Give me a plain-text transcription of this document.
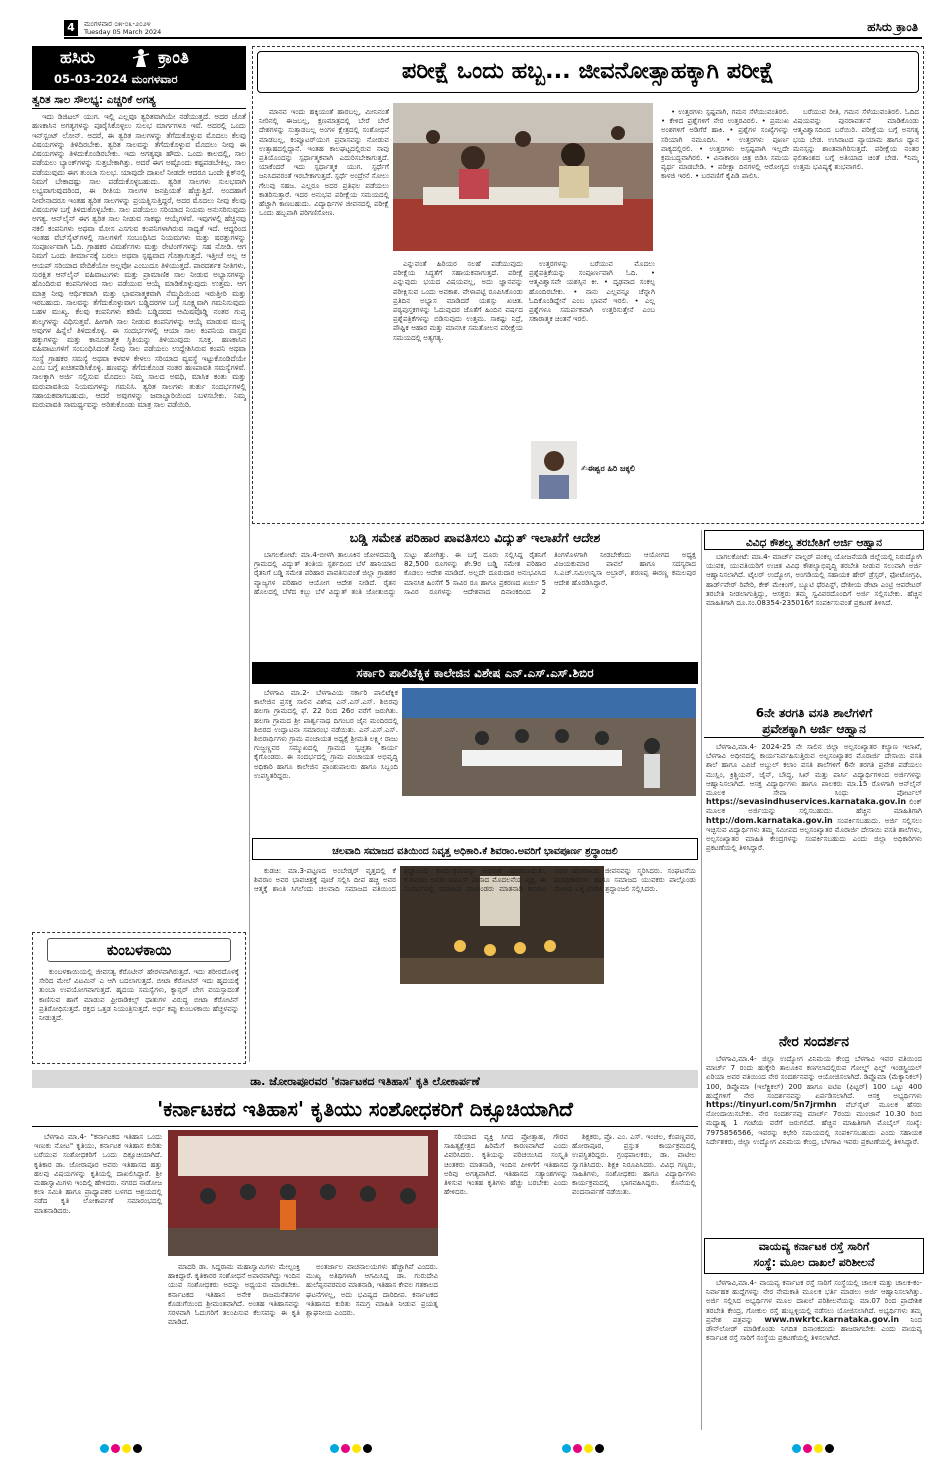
4	ಮಂಗಳವಾರ ೦೫-೦೩-೨೦೨೪
Tuesday 05 March 2024	ಹಸಿರು ಕ್ರಾಂತಿ
ಹಸಿರು	ಕ್ರಾಂತಿ
05-03-2024 ಮಂಗಳವಾರ
ತ್ವರಿತ ಸಾಲ ಸೌಲಭ್ಯ: ಎಚ್ಚರಿಕೆ ಅಗತ್ಯ

ಇದು ಡಿಜಿಟಲ್ ಯುಗ. ಇಲ್ಲಿ ಎಲ್ಲವೂ ತ್ವರಿತವಾಗಿಯೇ ನಡೆಯುತ್ತದೆ. ಅದರ ಜೊತೆ ಹಣಕಾಸಿನ ಅಗತ್ಯಗಳನ್ನು ಪೂರೈಸಿಕೊಳ್ಳಲು ಸುಲಭ ಮಾರ್ಗಗಳೂ ಇವೆ. ಅದರಲ್ಲಿ ಒಂದು ಇನ್‌ಸ್ಟಂಟ್ ಲೋನ್. ಅದರೆ, ಈ ತ್ವರಿತ ಸಾಲಗಳನ್ನು ತೆಗೆದುಕೊಳ್ಳುವ ಮೊದಲು ಕೆಲವು ವಿಷಯಗಳನ್ನು ತಿಳಿದಿರಬೇಕು. ತ್ವರಿತ ಸಾಲವನ್ನು ತೆಗೆದುಕೊಳ್ಳುವ ಮೊದಲು ನೀವು ಈ ವಿಷಯಗಳನ್ನು ತಿಳಿದುಕೊಂಡಿರಬೇಕು. ಇದು ಅಗತ್ಯವೂ ಹೌದು. ಒಂದು ಕಾಲದಲ್ಲಿ, ಸಾಲ ಪಡೆಯಲು ಬ್ಯಾಂಕ್‌ಗಳನ್ನು ಸುತ್ತಬೇಕಾಗಿತ್ತು. ಅದರೆ ಈಗ ಅಷ್ಟೊಂದು ಕಷ್ಟಪಡಬೇಕಿಲ್ಲ. ಸಾಲ ಪಡೆಯುವುದು ಈಗ ತುಂಬಾ ಸುಲಭ. ಯಾವುದೇ ದಾಖಲೆ ನೀಡದೇ ಆದರೂ ಒಂದೇ ಕ್ಲಿಕ್‌ನಲ್ಲಿ ನಿಮಗೆ ಬೇಕಾದಷ್ಟು ಸಾಲ ಪಡೆದುಕೊಳ್ಳಬಹುದು. ತ್ವರಿತ ಸಾಲಗಳು ಸುಲಭವಾಗಿ ಲಭ್ಯವಾಗುವುದರಿಂದ, ಈ ರೀತಿಯ ಸಾಲಗಳ ಜನಪ್ರಿಯತೆ ಹೆಚ್ಚುತ್ತಿದೆ. ಅಂದಹಾಗೆ ನೀವೇನಾದರೂ ಇಂತಹ ತ್ವರಿತ ಸಾಲಗಳನ್ನು ಪ್ರಯತ್ನಿಸುತ್ತಿದ್ದರೆ, ಅದರ ಮೊದಲು ನೀವು ಕೆಲವು ವಿಷಯಗಳ ಬಗ್ಗೆ ತಿಳಿದುಕೊಳ್ಳಬೇಕು. ಸಾಲ ಪಡೆಯಲು ಸರಿಯಾದ ನಿಯಮ ಅನುಸರಿಸುವುದು ಅಗತ್ಯ. ಆನ್‌ಲೈನ್ ಈಗ ತ್ವರಿತ ಸಾಲ ನೀಡುವ ಸಾಕಷ್ಟು ಆಯ್ಕೆಗಳಿವೆ. ಇವುಗಳಲ್ಲಿ ಹೆಚ್ಚಿನವು ನಕಲಿ ಕಂಪನಿಗಳು ಅಥವಾ ಮೋಸ ಎಸಗುವ ಕಂಪನಿಗಳಾಗಿರುವ ಸಾಧ್ಯತೆ ಇದೆ. ಆದ್ದರಿಂದ ಇಂತಹ ವೆಬ್‌ಸೈಟ್‌ಗಳಲ್ಲಿ ಸಾಲಗಳಿಗೆ ಸಂಬಂಧಿಸಿದ ನಿಯಮಗಳು ಮತ್ತು ಷರತ್ತುಗಳನ್ನು ಸಂಪೂರ್ಣವಾಗಿ ಓದಿ. ಗ್ರಾಹಕರ ವಿಮರ್ಶೆಗಳು ಮತ್ತು ರೇಟಿಂಗ್‌ಗಳನ್ನು ಸಹ ನೋಡಿ. ಆಗ ನಿಮಗೆ ಒಂದು ತೀರ್ಮಾನಕ್ಕೆ ಬರಲು ಅಥವಾ ಸ್ಪಷ್ಟವಾದ ಗೊತ್ತಾಗುತ್ತದೆ. ಇತ್ತೀಚೆ ಅಲ್ಲ ಆ ಆಯಪ್ ಸರಿಯಾದ ವೇದಿಕೆಯೋ ಅಲ್ಲವೋ ಎಂಬುದೂ ತಿಳಿಯುತ್ತದೆ. ಪಾರದರ್ಶಕ ನೀತಿಗಳು, ಸುರಕ್ಷಿತ ಆನ್‌ಲೈನ್ ವಹಿವಾಟುಗಳು ಮತ್ತು ಪ್ರಾಮಾಣಿಕ ಸಾಲ ನೀಡುವ ಅಭ್ಯಾಸಗಳನ್ನು ಹೊಂದಿರುವ ಕಂಪನಿಗಳಿಂದ ಸಾಲ ಪಡೆಯುವ ಆಯ್ಕೆ ಮಾಡಿಕೊಳ್ಳುವುದು ಉತ್ತಮ. ಆಗ ಮಾತ್ರ ನೀವು ಆರ್ಥಿಕವಾಗಿ ಮತ್ತು ಭಾವನಾತ್ಮಕವಾಗಿ ನೆಮ್ಮದಿಯಿಂದ ಇರುತ್ತೀರಿ ಮತ್ತು ಇರಬಹುದು. ಸಾಲವನ್ನು ತೆಗೆದುಕೊಳ್ಳುವಾಗ ಬಡ್ಡಿದರಗಳ ಬಗ್ಗೆ ಸೂಕ್ಷ್ಮವಾಗಿ ಗಮನಿಸುವುದು ಬಹಳ ಮುಖ್ಯ. ಕೆಲವು ಕಂಪನಿಗಳು ಕಡಿಮೆ ಬಡ್ಡಿದರದ ಆಮಿಷವೊಡ್ಡಿ ನಂತರ ಗುಪ್ತ ಶುಲ್ಕಗಳನ್ನು ವಿಧಿಸುತ್ತವೆ. ಹೀಗಾಗಿ ಸಾಲ ನೀಡುವ ಕಂಪನಿಗಳನ್ನು ಆಯ್ಕೆ ಮಾಡುವ ಮುನ್ನ ಅವುಗಳ ಹಿನ್ನೆಲೆ ತಿಳಿದುಕೊಳ್ಳಿ. ಈ ಸಂದರ್ಭಗಳಲ್ಲಿ ಆಯಾ ಸಾಲ ಕಂಪನಿಯ ವಾಸ್ತವ ಹಕ್ಕುಗಳನ್ನು ಮತ್ತು ಕಾನೂನಾತ್ಮಕ ಸ್ಥಿತಿಯನ್ನು ತಿಳಿಯುವುದು ಸೂಕ್ತ. ಹಣಕಾಸಿನ ವಹಿವಾಟುಗಳಿಗೆ ಸಂಬಂಧಿಸಿದಂತೆ ನೀವು ಸಾಲ ಪಡೆಯಲು ಉದ್ದೇಶಿಸಿರುವ ಕಂಪನಿ ಅಥವಾ ಸಂಸ್ಥೆ ಗ್ರಾಹಕರ ಸಮಸ್ಯೆ ಅಥವಾ ಕಳವಳ ಕೇಳಲು ಸರಿಯಾದ ವ್ಯವಸ್ಥೆ ಇಟ್ಟುಕೊಂಡಿದೆಯೇ ಎಂಬ ಬಗ್ಗೆ ಖಚಿತಪಡಿಸಿಕೊಳ್ಳಿ. ಹಣವನ್ನು ತೆಗೆದುಕೊಂಡ ನಂತರ ಹಣಪಾವತಿ ಸಮಸ್ಯೆಗಳಿವೆ. ಸಾಲಕ್ಕಾಗಿ ಅರ್ಜಿ ಸಲ್ಲಿಸುವ ಮೊದಲು ನಿಮ್ಮ ಸಾಲದ ಅವಧಿ, ಮಾಸಿಕ ಕಂತು ಮತ್ತು ಮರುಪಾವತಿಯ ನಿಯಮಗಳನ್ನು ಗಮನಿಸಿ. ತ್ವರಿತ ಸಾಲಗಳು ತುರ್ತು ಸಂದರ್ಭಗಳಲ್ಲಿ ಸಹಾಯಕವಾಗಬಹುದು, ಆದರೆ ಅವುಗಳನ್ನು ಜವಾಬ್ದಾರಿಯಿಂದ ಬಳಸಬೇಕು. ನಿಮ್ಮ ಮರುಪಾವತಿ ಸಾಮರ್ಥ್ಯವನ್ನು ಅರಿತುಕೊಂಡು ಮಾತ್ರ ಸಾಲ ಪಡೆಯಿರಿ.

ಕುಂಬಳಕಾಯಿ

ಕುಂಬಳಕಾಯಿಯಲ್ಲಿ ಜೀವಸತ್ವ ಕೆರೊಟೀನ್ ಹೇರಳವಾಗಿರುತ್ತದೆ. ಇದು ಶರೀರದೊಳಕ್ಕೆ ಸೇರಿದ ಮೇಲೆ ವಿಟಮಿನ್ ಎ ಆಗಿ ಬದಲಾಗುತ್ತದೆ. ಬೀಟಾ ಕೆರೋಟಿನ್ ಇದು ಹೃದಯಕ್ಕೆ ತುಂಬಾ ಉಪಯೋಗವಾಗುತ್ತದೆ. ಹೃದಯ ಸಮಸ್ಯೆಗಳು, ಕ್ಯಾನ್ಸರ್ ಬೇಗ ವಯಸ್ಸಾದಂತೆ ಕಾಣಿಸುವ ಹಾಗೆ ಮಾಡುವ ಫ್ರೀರಾಡಿಕಲ್ಸ್ ಧಾತುಗಳ ವಿರುದ್ಧ ಬೀಟಾ ಕೆರೋಟಿನ್ ಪ್ರತಿರೋಧಿಸುತ್ತದೆ. ರಕ್ತದ ಒತ್ತಡ ನಿಯಂತ್ರಿಸುತ್ತದೆ. ಅರ್ಧ ಕಪ್ಪು ಕುಂಬಳಕಾಯಿ ಹೆಚ್ಚಳವನ್ನು ನೀಡುತ್ತದೆ.

ಪರೀಕ್ಷೆ ಒಂದು ಹಬ್ಬ... ಜೀವನೋತ್ಸಾಹಕ್ಕಾಗಿ ಪರೀಕ್ಷೆ

ಮಾನವ ಇಂದು ಹಕ್ಕಿಯಂತೆ ಹಾರಬಲ್ಲ, ಮೀನಿನಂತೆ ನೀರಿನಲ್ಲಿ ಈಜಬಲ್ಲ, ಕ್ಷಣಮಾತ್ರದಲ್ಲಿ ಬೇರೆ ಬೇರೆ ದೇಶಗಳನ್ನು ಸುತ್ತಾಡಬಲ್ಲ ಅಂಗಳ ಕ್ಷೇತ್ರದಲ್ಲಿ ಸಂಶೋಧನೆ ಮಾಡಬಲ್ಲ, ಕಂಪ್ಯೂಟರ್‌ಯುಗ ಪ್ರವಾಸವನ್ನು ನೋಡುವ ಉತ್ಸಾಹದಲ್ಲಿದ್ದಾನೆ. ಇಂತಹ ಕಾಲಘಟ್ಟದಲ್ಲಿರುವ ನಾವು ಪ್ರತಿಯೊಂದನ್ನು ಸ್ಪರ್ಧಾತ್ಮಕವಾಗಿ ಎದುರಿಸಬೇಕಾಗುತ್ತದೆ. ಯಾಕೆಂದರೆ ಇದು ಸ್ಪರ್ಧಾತ್ಮಕ ಯುಗ. ಸ್ಪರ್ಧೆಗೆ ಜನಿಸಿದವರಂತೆ ಇರಬೇಕಾಗುತ್ತದೆ. ಸ್ಪರ್ಧೆ ಅಂದ್ರೇನೆ ಸೋಲು ಗೆಲುವು ಸಹಜ. ಎಲ್ಲರೂ ಅದರ ಪ್ರತಿಫಲ ಪಡೆಯಲು ಕಾತರಿಸುತ್ತಾರೆ. ಇದರ ಅನುಭವ ಪರೀಕ್ಷೆಯ ಸಮಯದಲ್ಲಿ ಹೆಚ್ಚಾಗಿ ಕಾಣಬಹುದು. ವಿದ್ಯಾರ್ಥಿಗಳ ಜೀವನದಲ್ಲಿ ಪರೀಕ್ಷೆ ಒಂದು ಹಬ್ಬವಾಗಿ ಪರಿಗಣಿಸೋಣ.

ಎನ್ನುವಂತೆ ಹಿರಿಯರ ಸಲಹೆ ಪಡೆಯುವುದು ಪರೀಕ್ಷೆಯ ಸಿದ್ಧತೆಗೆ ಸಹಾಯಕವಾಗುತ್ತದೆ. ಪರೀಕ್ಷೆ ಎನ್ನುವುದು ಭಯದ ವಿಷಯವಲ್ಲ, ಅದು ಜ್ಞಾನವನ್ನು ಪರೀಕ್ಷಿಸುವ ಒಂದು ಅವಕಾಶ. ವೇಳಾಪಟ್ಟಿ ರೂಪಿಸಿಕೊಂಡು ಪ್ರತಿದಿನ ಅಭ್ಯಾಸ ಮಾಡಿದರೆ ಯಶಸ್ಸು ಖಚಿತ. ಪಠ್ಯಪುಸ್ತಕಗಳನ್ನು ಓದುವುದರ ಜೊತೆಗೆ ಹಿಂದಿನ ವರ್ಷದ ಪ್ರಶ್ನೆಪತ್ರಿಕೆಗಳನ್ನು ಬಿಡಿಸುವುದು ಉತ್ತಮ. ಸಾಕಷ್ಟು ನಿದ್ರೆ, ಪೌಷ್ಟಿಕ ಆಹಾರ ಮತ್ತು ಮಾನಸಿಕ ಸಮತೋಲನ ಪರೀಕ್ಷೆಯ ಸಮಯದಲ್ಲಿ ಅತ್ಯಗತ್ಯ.

ಉತ್ತರಗಳನ್ನು ಬರೆಯುವ ಮೊದಲು ಪ್ರಶ್ನೆಪತ್ರಿಕೆಯನ್ನು ಸಂಪೂರ್ಣವಾಗಿ ಓದಿ. • ಆತ್ಮವಿಶ್ವಾಸವೇ ಯಶಸ್ಸಿನ ಕೀ. • ದೃಢವಾದ ಸಂಕಲ್ಪ ಹೊಂದಿರಬೇಕು. • ನಾನು ಎಲ್ಲವನ್ನೂ ಚೆನ್ನಾಗಿ ಓದಿಕೊಂಡಿದ್ದೇನೆ ಎಂಬ ಭಾವನೆ ಇರಲಿ. • ಎಲ್ಲ ಪ್ರಶ್ನೆಗಳೂ ಸಮರ್ಪಕವಾಗಿ ಉತ್ತರಿಸುತ್ತೇನೆ ಎಂಬ ಸಕಾರಾತ್ಮಕ ಚಿಂತನೆ ಇರಲಿ.

✍ಈಶ್ವರ ಹಿರಿ ಜಕ್ಕಲಿ

• ಉತ್ತರಗಳು ಸ್ಪಷ್ಟವಾಗಿ, ಗಮನ ಸೆಳೆಯುವಂತಿರಲಿ. • ಕೇಳಿದ ಪ್ರಶ್ನೆಗಳಿಗೆ ನೇರ ಉತ್ತರವಿರಲಿ. • ಪ್ರಮುಖ ಅಂಶಗಳಿಗೆ ಅಡಿಗೆರೆ ಹಾಕಿ. • ಪ್ರಶ್ನೆಗಳ ಸಂಖ್ಯೆಗಳನ್ನು ಸರಿಯಾಗಿ ನಮೂದಿಸಿ. • ಉತ್ತರಗಳು ಪೂರ್ಣ ವಾಕ್ಯದಲ್ಲಿರಲಿ. • ಉತ್ತರಗಳು ಅಸ್ಪಷ್ಟವಾಗಿ ಇಲ್ಲದೇ ಕ್ರಮಬದ್ಧವಾಗಿರಲಿ. • ವಿನಾಕಾರಣ ಚಿತ್ರ ಬಿಡಿಸಿ ಸಮಯ ವ್ಯರ್ಥ ಮಾಡಬೇಡಿ. • ಪರೀಕ್ಷಾ ದಿನಗಳಲ್ಲಿ ಆರೋಗ್ಯದ ಕಾಳಜಿ ಇರಲಿ. • ಬರವಣಿಗೆ ಕೈಪಿಡಿ ಪಾಲಿಸಿ.

ಬರೆಯುವ ರೀತಿ, ಗಮನ ಸೆಳೆಯುವಂತಿರಲಿ. ಓದಿದ ವಿಷಯವನ್ನು ಪುನರಾವರ್ತನೆ ಮಾಡಿಕೊಂಡು ಆತ್ಮವಿಶ್ವಾಸದಿಂದ ಬರೆಯಿರಿ. ಪರೀಕ್ಷೆಯ ಬಗ್ಗೆ ಅನಗತ್ಯ ಭಯ ಬೇಡ. ಉಸಿರಾಟದ ವ್ಯಾಯಾಮ ಹಾಗೂ ಧ್ಯಾನ ಮನಸ್ಸನ್ನು ಶಾಂತವಾಗಿರಿಸುತ್ತದೆ. ಪರೀಕ್ಷೆಯ ನಂತರ ಫಲಿತಾಂಶದ ಬಗ್ಗೆ ಅತಿಯಾದ ಚಿಂತೆ ಬೇಡ. *ನಿಮ್ಮ ಉತ್ತಮ ಭವಿಷ್ಯಕ್ಕೆ ಶುಭವಾಗಲಿ.

ಬಡ್ಡಿ ಸಮೇತ ಪರಿಹಾರ ಪಾವತಿಸಲು ವಿದ್ಯುತ್ ಇಲಾಖೆಗೆ ಆದೇಶ

ಬಾಗಲಕೋಟೆ: ಮಾ.4-ಬೀಳಗಿ ತಾಲೂಕಿನ ಜೋಳದಮಡ್ಡಿ ಗ್ರಾಮದಲ್ಲಿ ವಿದ್ಯುತ್ ತಂತಿಯ ಸ್ಪರ್ಶದಿಂದ ಬೆಳೆ ಹಾನಿಯಾದ ರೈತನಿಗೆ ಬಡ್ಡಿ ಸಮೇತ ಪರಿಹಾರ ಪಾವತಿಸುವಂತೆ ಜಿಲ್ಲಾ ಗ್ರಾಹಕರ ವ್ಯಾಜ್ಯಗಳ ಪರಿಹಾರ ಆಯೋಗ ಆದೇಶ ನೀಡಿದೆ. ರೈತನ ಹೊಲದಲ್ಲಿ ಬೆಳೆದ ಕಬ್ಬು ಬೆಳೆ ವಿದ್ಯುತ್ ತಂತಿ ಜೋತುಬಿದ್ದು ಸುಟ್ಟು ಹೋಗಿತ್ತು. ಈ ಬಗ್ಗೆ ದೂರು ಸಲ್ಲಿಸಿದ್ದ ರೈತನಿಗೆ 82,500 ರೂಗಳನ್ನು ಶೇ.9ರ ಬಡ್ಡಿ ಸಮೇತ ಪರಿಹಾರ ಕೊಡಲು ಆದೇಶ ಮಾಡಿದೆ. ಅಲ್ಲದೇ ದೂರುದಾರ ಅನುಭವಿಸಿದ ಮಾನಸಿಕ ಹಿಂಸೆಗೆ 5 ಸಾವಿರ ರೂ ಹಾಗೂ ಪ್ರಕರಣದ ಖರ್ಚು 5 ಸಾವಿರ ರೂಗಳನ್ನು ಆದೇಶವಾದ ದಿನಾಂಕದಿಂದ 2 ತಿಂಗಳೊಳಗಾಗಿ ನೀಡಬೇಕೆಂದು ಆಯೋಗದ ಅಧ್ಯಕ್ಷ ವಿಜಯಕುಮಾರ ಪಾವಲೆ ಹಾಗೂ ಸದಸ್ಯರಾದ ಸಿ.ಎಚ್.ಸಮಿಉನ್ನಿಸಾ ಅಬ್ರಾರ್, ಶರಣಪ್ಪ ಈರಣ್ಣ ಕಮಲಪುರ ಆದೇಶ ಹೊರಡಿಸಿದ್ದಾರೆ.

ಸರ್ಕಾರಿ ಪಾಲಿಟೆಕ್ನಿಕ ಕಾಲೇಜಿನ ವಿಶೇಷ ಎನ್.ಎಸ್.ಎಸ್.ಶಿಬಿರ

ಬೆಳಗಾವಿ ಮಾ.2- ಬೆಳಗಾವಿಯ ಸರ್ಕಾರಿ ಪಾಲಿಟೆಕ್ನಿಕ ಕಾಲೇಜಿನ ಪ್ರಸಕ್ತ ಸಾಲಿನ ವಿಶೇಷ ಎನ್.ಎಸ್.ಎಸ್. ಶಿಬಿರವು ಹಲಗಾ ಗ್ರಾಮದಲ್ಲಿ ಫೆ. 22 ರಿಂದ 26ರ ವರೆಗೆ ಜರುಗಿತು. ಹಲಗಾ ಗ್ರಾಮದ ಶ್ರೀ ಪಾರ್ಶ್ವನಾಥ ದಿಗಂಬರ ಜೈನ ಮಂದಿರದಲ್ಲಿ ಶಿಬಿರದ ಉದ್ಘಾಟನಾ ಸಮಾರಂಭ ನಡೆಯಿತು. ಎನ್.ಎಸ್.ಎಸ್. ಶಿಬಿರಾರ್ಥಿಗಳು ಗ್ರಾಮ ಪಂಚಾಯತ ಅಧ್ಯಕ್ಷೆ ಶ್ರೀಮತಿ ಲಕ್ಷ್ಮೀ ರಾಜು ಗುಜ್ಜಣ್ಣವರ ಸಮ್ಮುಖದಲ್ಲಿ ಗ್ರಾಮದ ಸ್ವಚ್ಛತಾ ಕಾರ್ಯ ಕೈಗೊಂಡರು. ಈ ಸಂದರ್ಭದಲ್ಲಿ ಗ್ರಾಮ ಪಂಚಾಯತ ಅಭಿವೃದ್ಧಿ ಅಧಿಕಾರಿ ಹಾಗೂ ಕಾಲೇಜಿನ ಪ್ರಾಂಶುಪಾಲರು ಹಾಗೂ ಸಿಬ್ಬಂದಿ ಉಪಸ್ಥಿತರಿದ್ದರು.

ಚಲವಾದಿ ಸಮಾಜದ ವತಿಯಿಂದ ನಿವೃತ್ತ ಅಧಿಕಾರಿ.ಕೆ ಶಿವರಾಂ.ಅವರಿಗೆ ಭಾವಪೂರ್ಣ ಶ್ರದ್ಧಾಂಜಲಿ

ಕುಡಚಿ: ಮಾ.3-ಪಟ್ಟಣದ ಅಂಬೇಡ್ಕರ್ ವೃತ್ತದಲ್ಲಿ ಕೆ ಶಿವರಾಂ ಅವರ ಭಾವಚಿತ್ರಕ್ಕೆ ಪೂಜೆ ಸಲ್ಲಿಸಿ ದೀಪ ಹಚ್ಚಿ ಅವರ ಆತ್ಮಕ್ಕೆ ಶಾಂತಿ ಸಿಗಲೆಂದು ಚಲವಾದಿ ಸಮಾಜದ ವತಿಯಿಂದ ಶ್ರದ್ಧಾಂಜಲಿ ಕಾರ್ಯಕ್ರಮವನ್ನು ಆಚರಣೆ ಮಾಡಲಾಯಿತು. ಕೆ.ಶಿವರಾಂ ಅವರು ಐಎಎಸ್ ಪಾಸಾದ ಮೊದಲನೆಯ ವ್ಯಕ್ತಿ. ಈ ಸಂದರ್ಭದಲ್ಲಿ ಸಮಾಜದ ಮುಖಂಡರು ಮಾತನಾಡಿ ಶಿವರಾಂ ಅವರ ಹೋರಾಟದ ಜೀವನವನ್ನು ಸ್ಮರಿಸಿದರು. ಸಂಘಟನೆಯ ಪದಾಧಿಕಾರಿಗಳು ಹಾಗೂ ಸಮಾಜದ ಯುವಕರು ಪಾಲ್ಗೊಂಡು ಮೇಣದ ಬತ್ತಿ ಬೆಳಗಿಸಿ ಶ್ರದ್ಧಾಂಜಲಿ ಸಲ್ಲಿಸಿದರು.

ವಿವಿಧ ಕೌಶಲ್ಯ ತರಬೇತಿಗೆ ಅರ್ಜಿ ಆಹ್ವಾನ

ಬಾಗಲಕೋಟೆ: ಮಾ.4- ಮಾರ್ಚ್ ವಾಲ್ಟರ್ ಪಂಕಲ್ಪ ಯೋಜನೆಯಡಿ ಜಿಲ್ಲೆಯಲ್ಲಿ ನಿರುದ್ಯೋಗಿ ಯುವಕ, ಯುವತಿಯರಿಗೆ ಉಚಿತ ವಿವಿಧ ಕೌಶಲ್ಯಾಭಿವೃದ್ಧಿ ತರಬೇತಿ ನೀಡುವ ಸಲುವಾಗಿ ಅರ್ಜಿ ಆಹ್ವಾನಿಸಲಾಗಿದೆ. ಟೈಲರ್ ಉದ್ಯೋಗ, ಅಂಗಡಿಯಲ್ಲಿ ಸಹಾಯಕ ಹೇರ್ ಡ್ರೆಸ್ಸರ್, ಫೋಟೋಗ್ರಫಿ, ಹಾರ್ಡ್‌ವೇರ್ ರಿಪೇರಿ, ಕೇಕ್ ಮೇಕಿಂಗ್, ಬ್ಯೂಟಿ ಥೆರಪಿಸ್ಟ್, ದೇಶೀಯ ಡೇಟಾ ಎಂಟ್ರಿ ಆಪರೇಟರ್ ತರಬೇತಿ ನೀಡಲಾಗುತ್ತಿದ್ದು, ಆಸಕ್ತರು ತಮ್ಮ ಸ್ವವಿವರದೊಂದಿಗೆ ಅರ್ಜಿ ಸಲ್ಲಿಸಬೇಕು. ಹೆಚ್ಚಿನ ಮಾಹಿತಿಗಾಗಿ ದೂ.ಸಂ.08354-235016ಗೆ ಸಂಪರ್ಕಿಸುವಂತೆ ಪ್ರಕಟಣೆ ತಿಳಿಸಿದೆ.

6ನೇ ತರಗತಿ ವಸತಿ ಶಾಲೆಗಳಿಗೆ
ಪ್ರವೇಶಕ್ಕಾಗಿ ಅರ್ಜಿ ಆಹ್ವಾನ

ಬೆಳಗಾವಿ,ಮಾ.4- 2024-25 ನೇ ಸಾಲಿನ ಜಿಲ್ಲಾ ಅಲ್ಪಸಂಖ್ಯಾತರ ಕಲ್ಯಾಣ ಇಲಾಖೆ, ಬೆಳಗಾವಿ ಅಧೀನದಲ್ಲಿ ಕಾರ್ಯನಿರ್ವಹಿಸುತ್ತಿರುವ ಅಲ್ಪಸಂಖ್ಯಾತರ ಮೊರಾರ್ಜಿ ದೇಸಾಯಿ ವಸತಿ ಶಾಲೆ ಹಾಗೂ ಎಪಿಜೆ ಅಬ್ದುಲ್ ಕಲಾಂ ವಸತಿ ಶಾಲೆಗಳಿಗೆ 6ನೇ ತರಗತಿ ಪ್ರವೇಶ ಪಡೆಯಲು ಮುಸ್ಲಿಂ, ಕ್ರಿಶ್ಚಿಯನ್, ಜೈನ್, ಬೌದ್ಧ, ಸಿಖ್ ಮತ್ತು ಪಾರ್ಸಿ ವಿದ್ಯಾರ್ಥಿಗಳಿಂದ ಅರ್ಜಿಗಳನ್ನು ಆಹ್ವಾನಿಸಲಾಗಿದೆ. ಆಸಕ್ತ ವಿದ್ಯಾರ್ಥಿಗಳು ಹಾಗೂ ಪಾಲಕರು ಮಾ.15 ರೊಳಗಾಗಿ ಆನ್‌ಲೈನ್ ಮೂಲಕ ಸೇವಾ ಸಿಂಧು ಪೋರ್ಟಲ್ https://sevasindhuservices.karnataka.gov.in ಲಿಂಕ್ ಮೂಲಕ ಅರ್ಜಿಯನ್ನು ಸಲ್ಲಿಸಬಹುದು. ಹೆಚ್ಚಿನ ಮಾಹಿತಿಗಾಗಿ http://dom.karnataka.gov.in ಸಂಪರ್ಕಿಸಬಹುದು. ಅರ್ಜಿ ಸಲ್ಲಿಸಲು ಇಚ್ಛಿಸುವ ವಿದ್ಯಾರ್ಥಿಗಳು ತಮ್ಮ ಸಮೀಪದ ಅಲ್ಪಸಂಖ್ಯಾತರ ಮೊರಾರ್ಜಿ ದೇಸಾಯಿ ವಸತಿ ಶಾಲೆಗಳು, ಅಲ್ಪಸಂಖ್ಯಾತರ ಮಾಹಿತಿ ಕೇಂದ್ರಗಳನ್ನು ಸಂಪರ್ಕಿಸಬಹುದು ಎಂದು ಜಿಲ್ಲಾ ಅಧಿಕಾರಿಗಳು ಪ್ರಕಟಣೆಯಲ್ಲಿ ತಿಳಿಸಿದ್ದಾರೆ.

ನೇರ ಸಂದರ್ಶನ

ಬೆಳಗಾವಿ,ಮಾ.4- ಜಿಲ್ಲಾ ಉದ್ಯೋಗ ವಿನಿಮಯ ಕೇಂದ್ರ ಬೆಳಗಾವಿ ಇವರ ವತಿಯಿಂದ ಮಾರ್ಚ್ 7 ರಂದು ಹುಕ್ಕೇರಿ ತಾಲೂಕಿನ ಕಣಗಲಾದಲ್ಲಿರುವ ಗೋಲ್ಡ್ ಫಿಲ್ಡ್ ಇಂಡಸ್ಟ್ರಿಯಲ್ ಏರಿಯಾ ಅವರ ವತಿಯಿಂದ ನೇರ ಸಂದರ್ಶನವನ್ನು ಆಯೋಜಿಸಲಾಗಿದೆ. ಡಿಪ್ಲೊಮಾ (ಮೆಕ್ಯಾನಿಕಲ್) 100, ಡಿಪ್ಲೊಮಾ (ಇಲೆಕ್ಟ್ರಿಕಲ್) 200 ಹಾಗೂ ಐಟಿಐ (ಫಿಟ್ಟರ್) 100 ಒಟ್ಟು 400 ಹುದ್ದೆಗಳಿಗೆ ನೇರ ಸಂದರ್ಶನವನ್ನು ಏರ್ಪಡಿಸಲಾಗಿದೆ. ಆಸಕ್ತ ಅಭ್ಯರ್ಥಿಗಳು https://tinyurl.com/5n7jrmhn ವೆಬ್‌ಸೈಟ್ ಮೂಲಕ ಹೆಸರು ನೋಂದಾಯಿಸಬೇಕು. ನೇರ ಸಂದರ್ಶನವು ಮಾರ್ಚ್ 7ರಂದು ಮುಂಜಾನೆ 10.30 ರಿಂದ ಮಧ್ಯಾಹ್ನ 1 ಗಂಟೆಯ ವರೆಗೆ ಜರುಗಲಿದೆ. ಹೆಚ್ಚಿನ ಮಾಹಿತಿಗಾಗಿ ಮೊಬೈಲ್ ಸಂಖ್ಯೆ: 7975856566, ಇವರನ್ನು ಕಛೇರಿ ಸಮಯದಲ್ಲಿ ಸಂಪರ್ಕಿಸಬಹುದು ಎಂದು ಸಹಾಯಕ ನಿರ್ದೇಶಕರು, ಜಿಲ್ಲಾ ಉದ್ಯೋಗ ವಿನಿಮಯ ಕೇಂದ್ರ, ಬೆಳಗಾವಿ ಇವರು ಪ್ರಕಟಣೆಯಲ್ಲಿ ತಿಳಿಸಿದ್ದಾರೆ.

ವಾಯವ್ಯ ಕರ್ನಾಟಕ ರಸ್ತೆ ಸಾರಿಗೆ
ಸಂಸ್ಥೆ: ಮೂಲ ದಾಖಲೆ ಪರಿಶೀಲನೆ

ಬೆಳಗಾವಿ,ಮಾ.4- ವಾಯವ್ಯ ಕರ್ನಾಟಕ ರಸ್ತೆ ಸಾರಿಗೆ ಸಂಸ್ಥೆಯಲ್ಲಿ ಚಾಲಕ ಮತ್ತು ಚಾಲಕ-ಕಂ-ನಿರ್ವಾಹಕ ಹುದ್ದೆಗಳನ್ನು ನೇರ ನೇಮಕಾತಿ ಮೂಲಕ ಭರ್ತಿ ಮಾಡಲು ಅರ್ಜಿ ಆಹ್ವಾನಿಸಲಾಗಿತ್ತು. ಅರ್ಜಿ ಸಲ್ಲಿಸಿದ ಅಭ್ಯರ್ಥಿಗಳ ಮೂಲ ದಾಖಲೆ ಪರಿಶೀಲನೆಯನ್ನು ಮಾ.07 ರಿಂದ ಪ್ರಾದೇಶಿಕ ತರಬೇತಿ ಕೇಂದ್ರ, ಗೋಕುಲ ರಸ್ತೆ ಹುಬ್ಬಳ್ಳಿಯಲ್ಲಿ ನಡೆಸಲು ಯೋಜಿಸಲಾಗಿದೆ. ಅಭ್ಯರ್ಥಿಗಳು ತಮ್ಮ ಪ್ರವೇಶ ಪತ್ರವನ್ನು www.nwkrtc.karnataka.gov.in ನಿಂದ ಡೌನ್‌ಲೋಡ್ ಮಾಡಿಕೊಂಡು ನಿಗದಿತ ದಿನಾಂಕದಂದು ಹಾಜರಾಗಬೇಕು ಎಂದು ವಾಯವ್ಯ ಕರ್ನಾಟಕ ರಸ್ತೆ ಸಾರಿಗೆ ಸಂಸ್ಥೆಯ ಪ್ರಕಟಣೆಯಲ್ಲಿ ತಿಳಿಸಲಾಗಿದೆ.

ಡಾ. ಜೋರಾಪೂರವರ 'ಕರ್ನಾಟಕದ ಇತಿಹಾಸ' ಕೃತಿ ಲೋಕಾರ್ಪಣೆ
'ಕರ್ನಾಟಕದ ಇತಿಹಾಸ' ಕೃತಿಯು ಸಂಶೋಧಕರಿಗೆ ದಿಕ್ಸೂಚಿಯಾಗಿದೆ

ಬೆಳಗಾವಿ ಮಾ.4- "ಕರ್ನಾಟಕದ ಇತಿಹಾಸ ಒಂದು ಇಣುಕು ನೋಟ" ಕೃತಿಯು, ಕರ್ನಾಟಕ ಇತಿಹಾಸ ಕುರಿತು ಬರೆಯುವ ಸಂಶೋಧಕರಿಗೆ ಒಂದು ದಿಕ್ಸೂಚಿಯಾಗಿದೆ. ಕೃತಿಕಾರ ಡಾ. ಜೋರಾಪೂರ ಅವರು ಇತಿಹಾಸದ ಹತ್ತು ಹಲವು ವಿಷಯಗಳನ್ನು ಕೃತಿಯಲ್ಲಿ ದಾಖಲಿಸಿದ್ದಾರೆ. ಶ್ರೀ ಮಹಾಸ್ವಾಮಿಗಳು ಇಂದಿಲ್ಲಿ ಹೇಳಿದರು. ನಗರದ ನಾಡೋಜ ಕಲಾ ಸಮಿತಿ ಹಾಗೂ ಪ್ರಾಧ್ಯಾಪಕರ ಬಳಗದ ಆಶ್ರಯದಲ್ಲಿ ನಡೆದ ಕೃತಿ ಲೋಕಾರ್ಪಣೆ ಸಮಾರಂಭದಲ್ಲಿ ಮಾತನಾಡಿದರು.

ಮಾದರಿ ಡಾ. ಸಿದ್ದರಾಮ ಮಹಾಸ್ವಾಮಿಗಳು ಮೇಲ್ಪಂಕ್ತಿ ಹಾಕಿದ್ದಾರೆ. ಕೃತಿಕಾರರ ಸಂಶೋಧನೆ ಅಪಾರವಾಗಿದ್ದು ಇಂದಿನ ಯುವ ಸಂಶೋಧಕರು ಅದನ್ನು ಅಧ್ಯಯನ ಮಾಡಬೇಕು. ಕರ್ನಾಟಕದ ಇತಿಹಾಸ ಅನೇಕ ರಾಜಮನೆತನಗಳ ಕೊಡುಗೆಯಿಂದ ಶ್ರೀಮಂತವಾಗಿದೆ. ಅಂತಹ ಇತಿಹಾಸವನ್ನು ಸರಳವಾಗಿ ಓದುಗರಿಗೆ ತಲುಪಿಸುವ ಕೆಲಸವನ್ನು ಈ ಕೃತಿ ಮಾಡಿದೆ.

ಅಂತರ್ಜಾಲ ವಾಚನಾಲಯಗಳು ಹೆಚ್ಚಾಗಿವೆ ಎಂದರು. ಮುಖ್ಯ ಅತಿಥಿಗಳಾಗಿ ಆಗಮಿಸಿದ್ದ ಡಾ. ಗುರುದೇವಿ ಹುಲೆಪ್ಪನವರಮಠ ಮಾತನಾಡಿ, ಇತಿಹಾಸ ಕೇವಲ ಗತಕಾಲದ ಘಟನೆಗಳಲ್ಲ, ಅದು ಭವಿಷ್ಯದ ದಾರಿದೀಪ. ಕರ್ನಾಟಕದ ಇತಿಹಾಸದ ಕುರಿತು ಸಮಗ್ರ ಮಾಹಿತಿ ನೀಡುವ ಪ್ರಯತ್ನ ಶ್ಲಾಘನೀಯ ಎಂದರು.

ಸರಿಯಾದ ವ್ಯಕ್ತಿ ಸಿಗದ ಪ್ರೋತ್ಸಾಹ, ಗೌರವ ಸಾಹಿತ್ಯಕ್ಷೇತ್ರದ ಹಿರಿಮೆಗೆ ಕಾರಣವಾಗಿದೆ ಎಂದು ವಿವರಿಸಿದರು. ಕೃತಿಯನ್ನು ಪರಿಚಯಿಸಿದ ಸಂಸ್ಕೃತಿ ಚಿಂತಕರು ಮಾತನಾಡಿ, ಇಂದಿನ ಪೀಳಿಗೆಗೆ ಇತಿಹಾಸದ ಅರಿವು ಅಗತ್ಯವಾಗಿದೆ. ಇತಿಹಾಸದ ಸತ್ಯಾಂಶಗಳನ್ನು ತಿಳಿಸುವ ಇಂತಹ ಕೃತಿಗಳು ಹೆಚ್ಚು ಬರಬೇಕು ಎಂದು ಹೇಳಿದರು.

ಶಿಕ್ಷಕರು, ಪ್ರೊ. ಎಂ. ಎಸ್. ಇಂಚಲ, ಕೆಂಪಣ್ಣವರ, ಹೋರಾಪೂರ, ಪ್ರಸ್ತುತ ಕಾರ್ಯಕ್ರಮದಲ್ಲಿ ಉಪಸ್ಥಿತರಿದ್ದರು. ಗ್ರಂಥಪಾಲಕರು, ಡಾ. ಪಾಟೀಲ ಸ್ವಾಗತಿಸಿದರು. ಶಿಕ್ಷಕಿ ನಿರೂಪಿಸಿದರು. ವಿವಿಧ ಗಣ್ಯರು, ಸಾಹಿತಿಗಳು, ಸಂಶೋಧಕರು ಹಾಗೂ ವಿದ್ಯಾರ್ಥಿಗಳು ಕಾರ್ಯಕ್ರಮದಲ್ಲಿ ಭಾಗವಹಿಸಿದ್ದರು. ಕೊನೆಯಲ್ಲಿ ವಂದನಾರ್ಪಣೆ ನಡೆಯಿತು.
